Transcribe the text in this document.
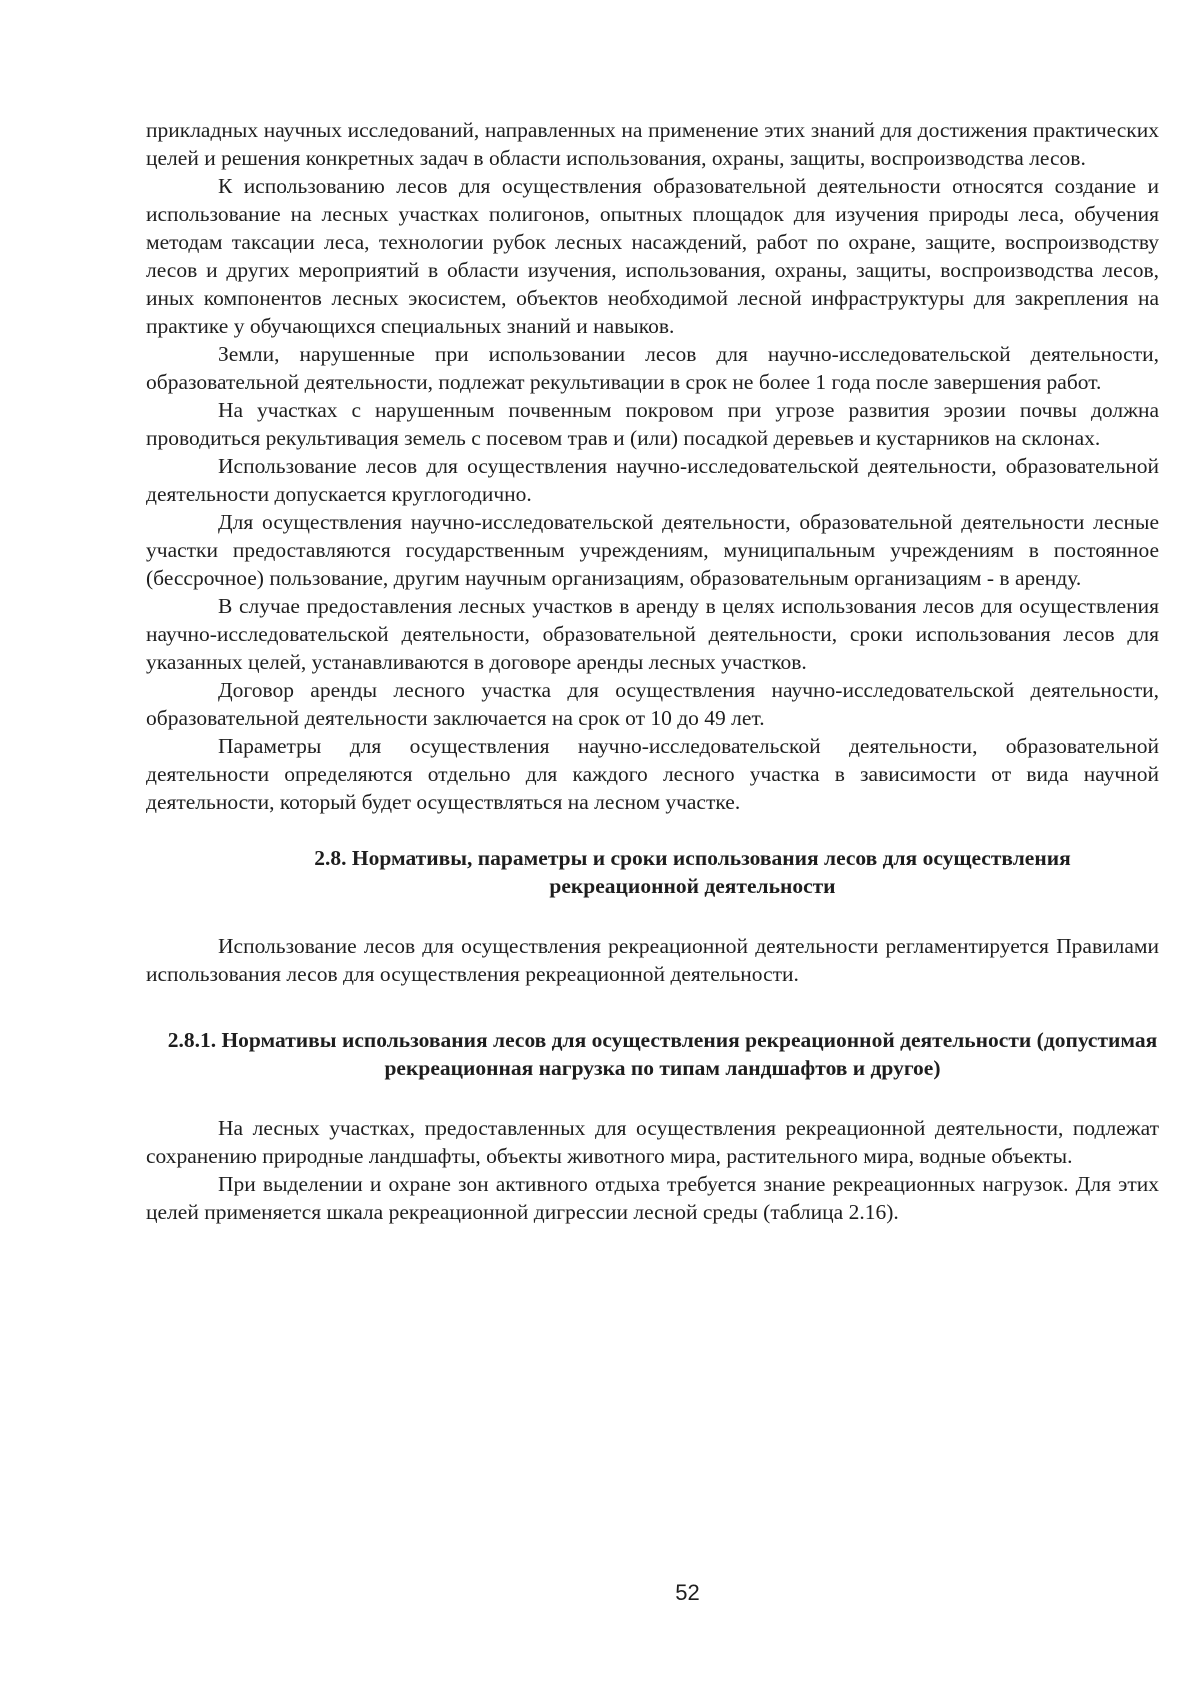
прикладных научных исследований, направленных на применение этих знаний для достижения практических целей и решения конкретных задач в области использования, охраны, защиты, воспроизводства лесов.

К использованию лесов для осуществления образовательной деятельности относятся создание и использование на лесных участках полигонов, опытных площадок для изучения природы леса, обучения методам таксации леса, технологии рубок лесных насаждений, работ по охране, защите, воспроизводству лесов и других мероприятий в области изучения, использования, охраны, защиты, воспроизводства лесов, иных компонентов лесных экосистем, объектов необходимой лесной инфраструктуры для закрепления на практике у обучающихся специальных знаний и навыков.

Земли, нарушенные при использовании лесов для научно-исследовательской деятельности, образовательной деятельности, подлежат рекультивации в срок не более 1 года после завершения работ.

На участках с нарушенным почвенным покровом при угрозе развития эрозии почвы должна проводиться рекультивация земель с посевом трав и (или) посадкой деревьев и кустарников на склонах.

Использование лесов для осуществления научно-исследовательской деятельности, образовательной деятельности допускается круглогодично.

Для осуществления научно-исследовательской деятельности, образовательной деятельности лесные участки предоставляются государственным учреждениям, муниципальным учреждениям в постоянное (бессрочное) пользование, другим научным организациям, образовательным организациям - в аренду.

В случае предоставления лесных участков в аренду в целях использования лесов для осуществления научно-исследовательской деятельности, образовательной деятельности, сроки использования лесов для указанных целей, устанавливаются в договоре аренды лесных участков.

Договор аренды лесного участка для осуществления научно-исследовательской деятельности, образовательной деятельности заключается на срок от 10 до 49 лет.

Параметры для осуществления научно-исследовательской деятельности, образовательной деятельности определяются отдельно для каждого лесного участка в зависимости от вида научной деятельности, который будет осуществляться на лесном участке.

2.8. Нормативы, параметры и сроки использования лесов для осуществления рекреационной деятельности

Использование лесов для осуществления рекреационной деятельности регламентируется Правилами использования лесов для осуществления рекреационной деятельности.

2.8.1. Нормативы использования лесов для осуществления рекреационной деятельности (допустимая рекреационная нагрузка по типам ландшафтов и другое)

На лесных участках, предоставленных для осуществления рекреационной деятельности, подлежат сохранению природные ландшафты, объекты животного мира, растительного мира, водные объекты.

При выделении и охране зон активного отдыха требуется знание рекреационных нагрузок. Для этих целей применяется шкала рекреационной дигрессии лесной среды (таблица 2.16).

52
